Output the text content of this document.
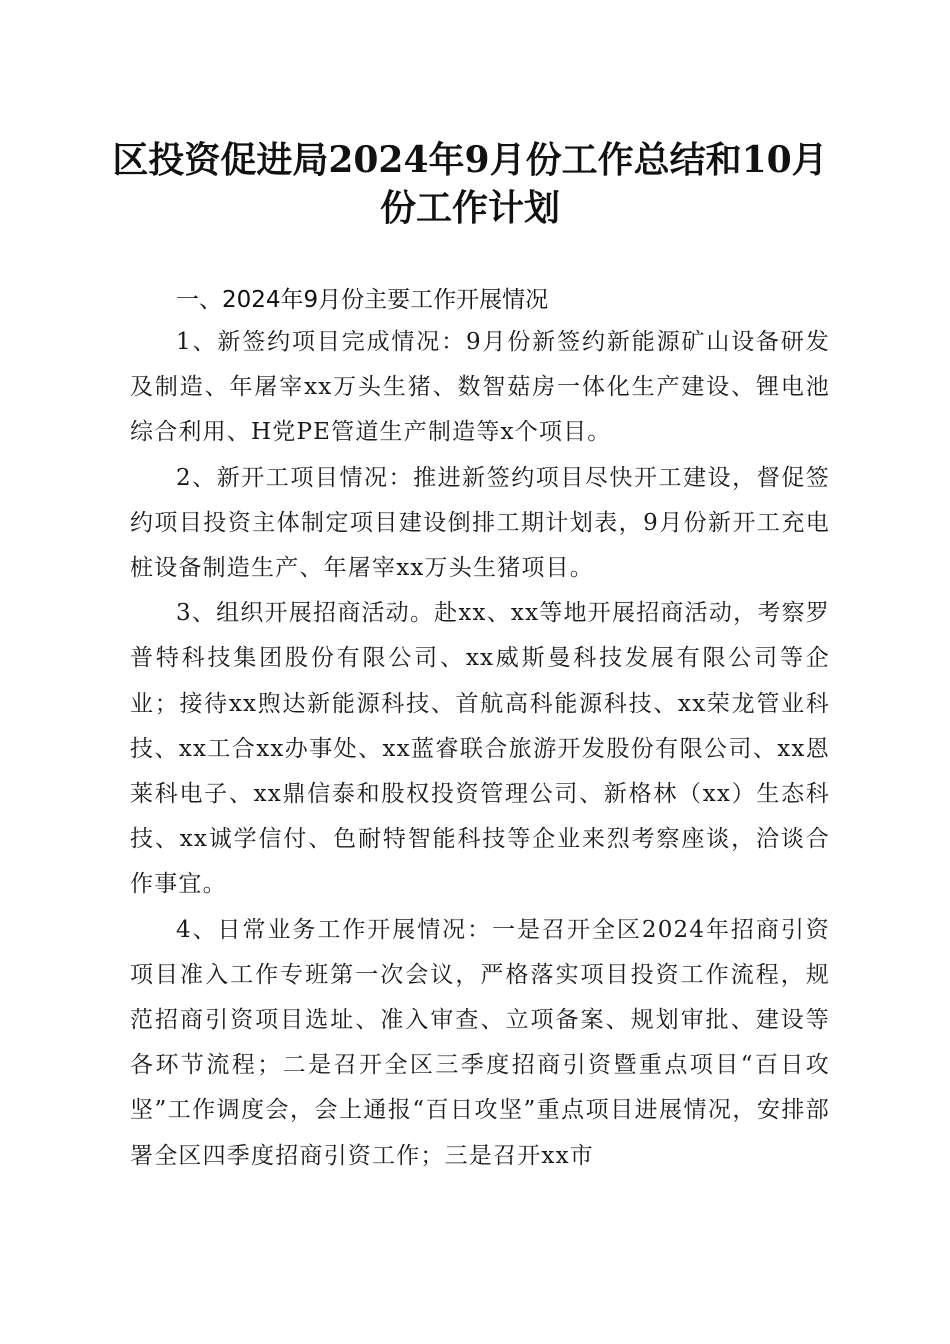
区投资促进局2024年9月份工作总结和10月份工作计划

一、2024年9月份主要工作开展情况

1、新签约项目完成情况：9月份新签约新能源矿山设备研发及制造、年屠宰xx万头生猪、数智菇房一体化生产建设、锂电池综合利用、H党PE管道生产制造等x个项目。

2、新开工项目情况：推进新签约项目尽快开工建设，督促签约项目投资主体制定项目建设倒排工期计划表，9月份新开工充电桩设备制造生产、年屠宰xx万头生猪项目。

3、组织开展招商活动。赴xx、xx等地开展招商活动，考察罗普特科技集团股份有限公司、xx威斯曼科技发展有限公司等企业；接待xx煦达新能源科技、首航高科能源科技、xx荣龙管业科技、xx工合xx办事处、xx蓝睿联合旅游开发股份有限公司、xx恩莱科电子、xx鼎信泰和股权投资管理公司、新格林（xx）生态科技、xx诚学信付、色耐特智能科技等企业来烈考察座谈，洽谈合作事宜。

4、日常业务工作开展情况：一是召开全区2024年招商引资项目准入工作专班第一次会议，严格落实项目投资工作流程，规范招商引资项目选址、准入审查、立项备案、规划审批、建设等各环节流程；二是召开全区三季度招商引资暨重点项目“百日攻坚”工作调度会，会上通报“百日攻坚”重点项目进展情况，安排部署全区四季度招商引资工作；三是召开xx市
